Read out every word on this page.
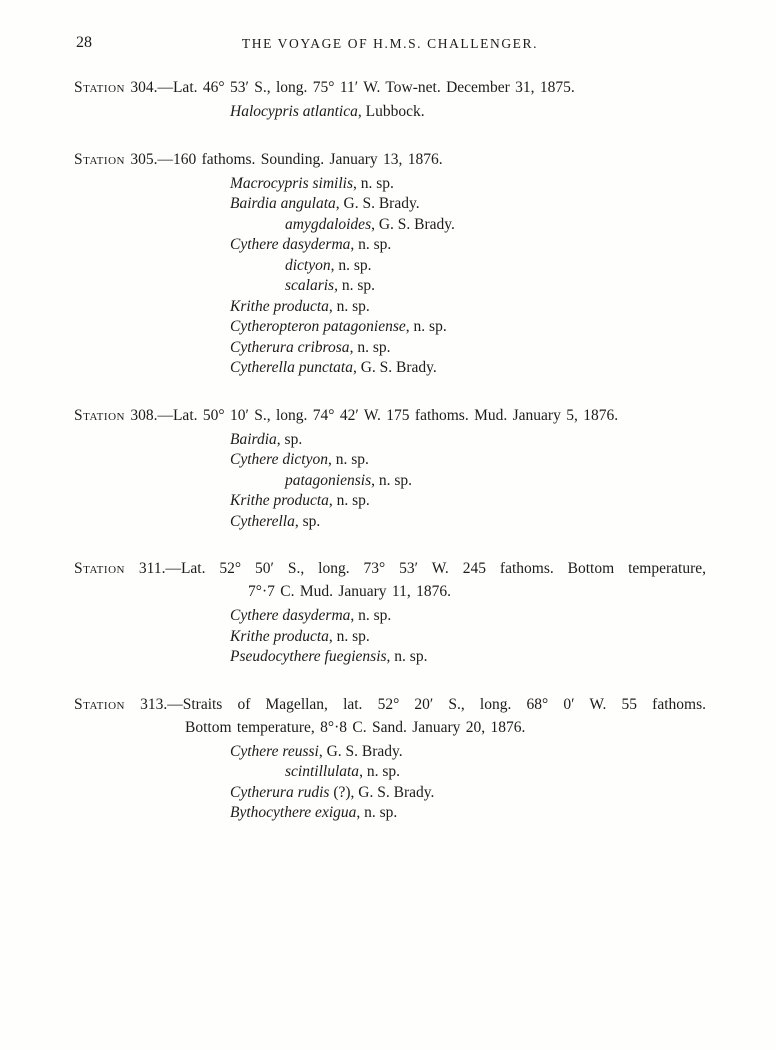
28	THE VOYAGE OF H.M.S. CHALLENGER.
Station 304.—Lat. 46° 53′ S., long. 75° 11′ W. Tow-net. December 31, 1875.
Halocypris atlantica, Lubbock.
Station 305.—160 fathoms. Sounding. January 13, 1876.
Macrocypris similis, n. sp.
Bairdia angulata, G. S. Brady.
amygdaloides, G. S. Brady.
Cythere dasyderma, n. sp.
dictyon, n. sp.
scalaris, n. sp.
Krithe producta, n. sp.
Cytheropteron patagoniense, n. sp.
Cytherura cribrosa, n. sp.
Cytherella punctata, G. S. Brady.
Station 308.—Lat. 50° 10′ S., long. 74° 42′ W. 175 fathoms. Mud. January 5, 1876.
Bairdia, sp.
Cythere dictyon, n. sp.
patagoniensis, n. sp.
Krithe producta, n. sp.
Cytherella, sp.
Station 311.—Lat. 52° 50′ S., long. 73° 53′ W. 245 fathoms. Bottom temperature,
7°·7 C. Mud. January 11, 1876.
Cythere dasyderma, n. sp.
Krithe producta, n. sp.
Pseudocythere fuegiensis, n. sp.
Station 313.—Straits of Magellan, lat. 52° 20′ S., long. 68° 0′ W. 55 fathoms.
Bottom temperature, 8°·8 C. Sand. January 20, 1876.
Cythere reussi, G. S. Brady.
scintillulata, n. sp.
Cytherura rudis (?), G. S. Brady.
Bythocythere exigua, n. sp.
